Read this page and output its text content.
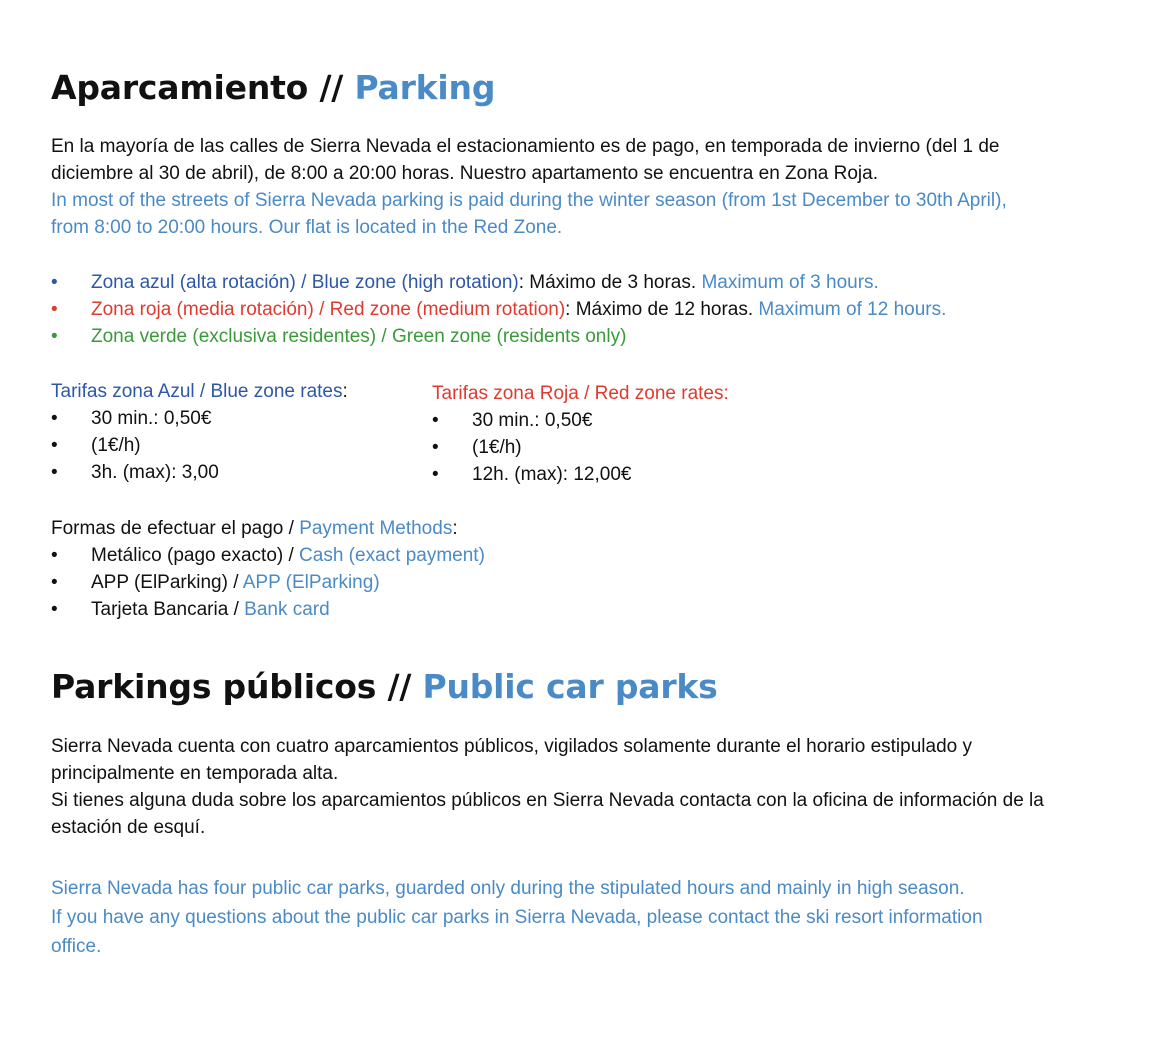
Aparcamiento // Parking
En la mayoría de las calles de Sierra Nevada el estacionamiento es de pago, en temporada de invierno (del 1 de
diciembre al 30 de abril), de 8:00 a 20:00 horas. Nuestro apartamento se encuentra en Zona Roja.
In most of the streets of Sierra Nevada parking is paid during the winter season (from 1st December to 30th April),
from 8:00 to 20:00 hours. Our flat is located in the Red Zone.
•	Zona azul (alta rotación) / Blue zone (high rotation): Máximo de 3 horas. Maximum of 3 hours.
•	Zona roja (media rotación) / Red zone (medium rotation): Máximo de 12 horas. Maximum of 12 hours.
•	Zona verde (exclusiva residentes) / Green zone (residents only)
Tarifas zona Azul / Blue zone rates:
•	30 min.: 0,50€
•	(1€/h)
•	3h. (max): 3,00
Tarifas zona Roja / Red zone rates:
•	30 min.: 0,50€
•	(1€/h)
•	12h. (max): 12,00€
Formas de efectuar el pago / Payment Methods:
•	Metálico (pago exacto) / Cash (exact payment)
•	APP (ElParking) / APP (ElParking)
•	Tarjeta Bancaria / Bank card
Parkings públicos // Public car parks
Sierra Nevada cuenta con cuatro aparcamientos públicos, vigilados solamente durante el horario estipulado y
principalmente en temporada alta.
Si tienes alguna duda sobre los aparcamientos públicos en Sierra Nevada contacta con la oficina de información de la
estación de esquí.
Sierra Nevada has four public car parks, guarded only during the stipulated hours and mainly in high season.
If you have any questions about the public car parks in Sierra Nevada, please contact the ski resort information
office.
